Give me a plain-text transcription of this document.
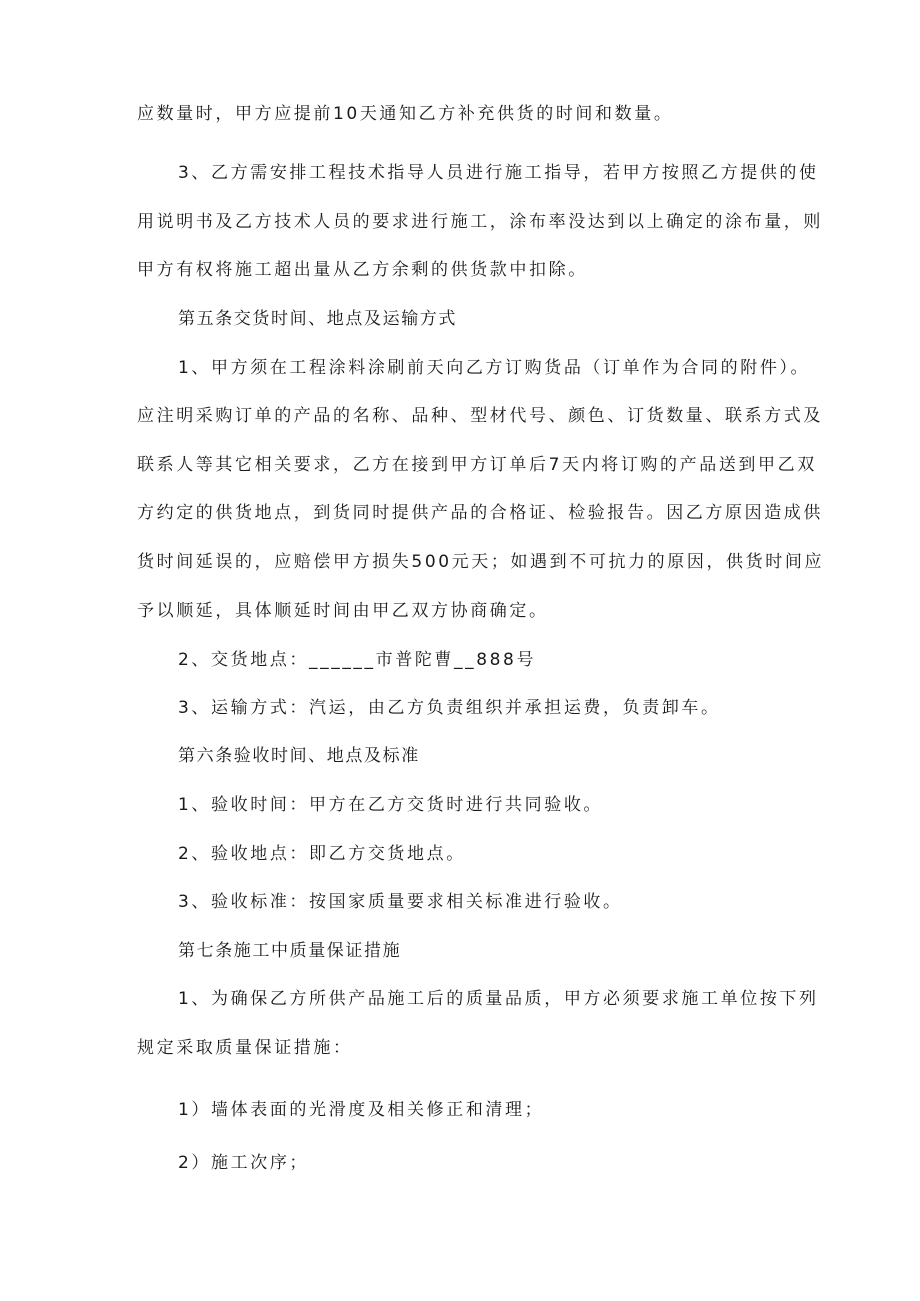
应数量时，甲方应提前10天通知乙方补充供货的时间和数量。
3、乙方需安排工程技术指导人员进行施工指导，若甲方按照乙方提供的使
用说明书及乙方技术人员的要求进行施工，涂布率没达到以上确定的涂布量，则
甲方有权将施工超出量从乙方余剩的供货款中扣除。
第五条交货时间、地点及运输方式
1、甲方须在工程涂料涂刷前天向乙方订购货品（订单作为合同的附件）。
应注明采购订单的产品的名称、品种、型材代号、颜色、订货数量、联系方式及
联系人等其它相关要求，乙方在接到甲方订单后7天内将订购的产品送到甲乙双
方约定的供货地点，到货同时提供产品的合格证、检验报告。因乙方原因造成供
货时间延误的，应赔偿甲方损失500元天；如遇到不可抗力的原因，供货时间应
予以顺延，具体顺延时间由甲乙双方协商确定。
2、交货地点：______市普陀曹__888号
3、运输方式：汽运，由乙方负责组织并承担运费，负责卸车。
第六条验收时间、地点及标准
1、验收时间：甲方在乙方交货时进行共同验收。
2、验收地点：即乙方交货地点。
3、验收标准：按国家质量要求相关标准进行验收。
第七条施工中质量保证措施
1、为确保乙方所供产品施工后的质量品质，甲方必须要求施工单位按下列
规定采取质量保证措施：
1）墙体表面的光滑度及相关修正和清理；
2）施工次序；
